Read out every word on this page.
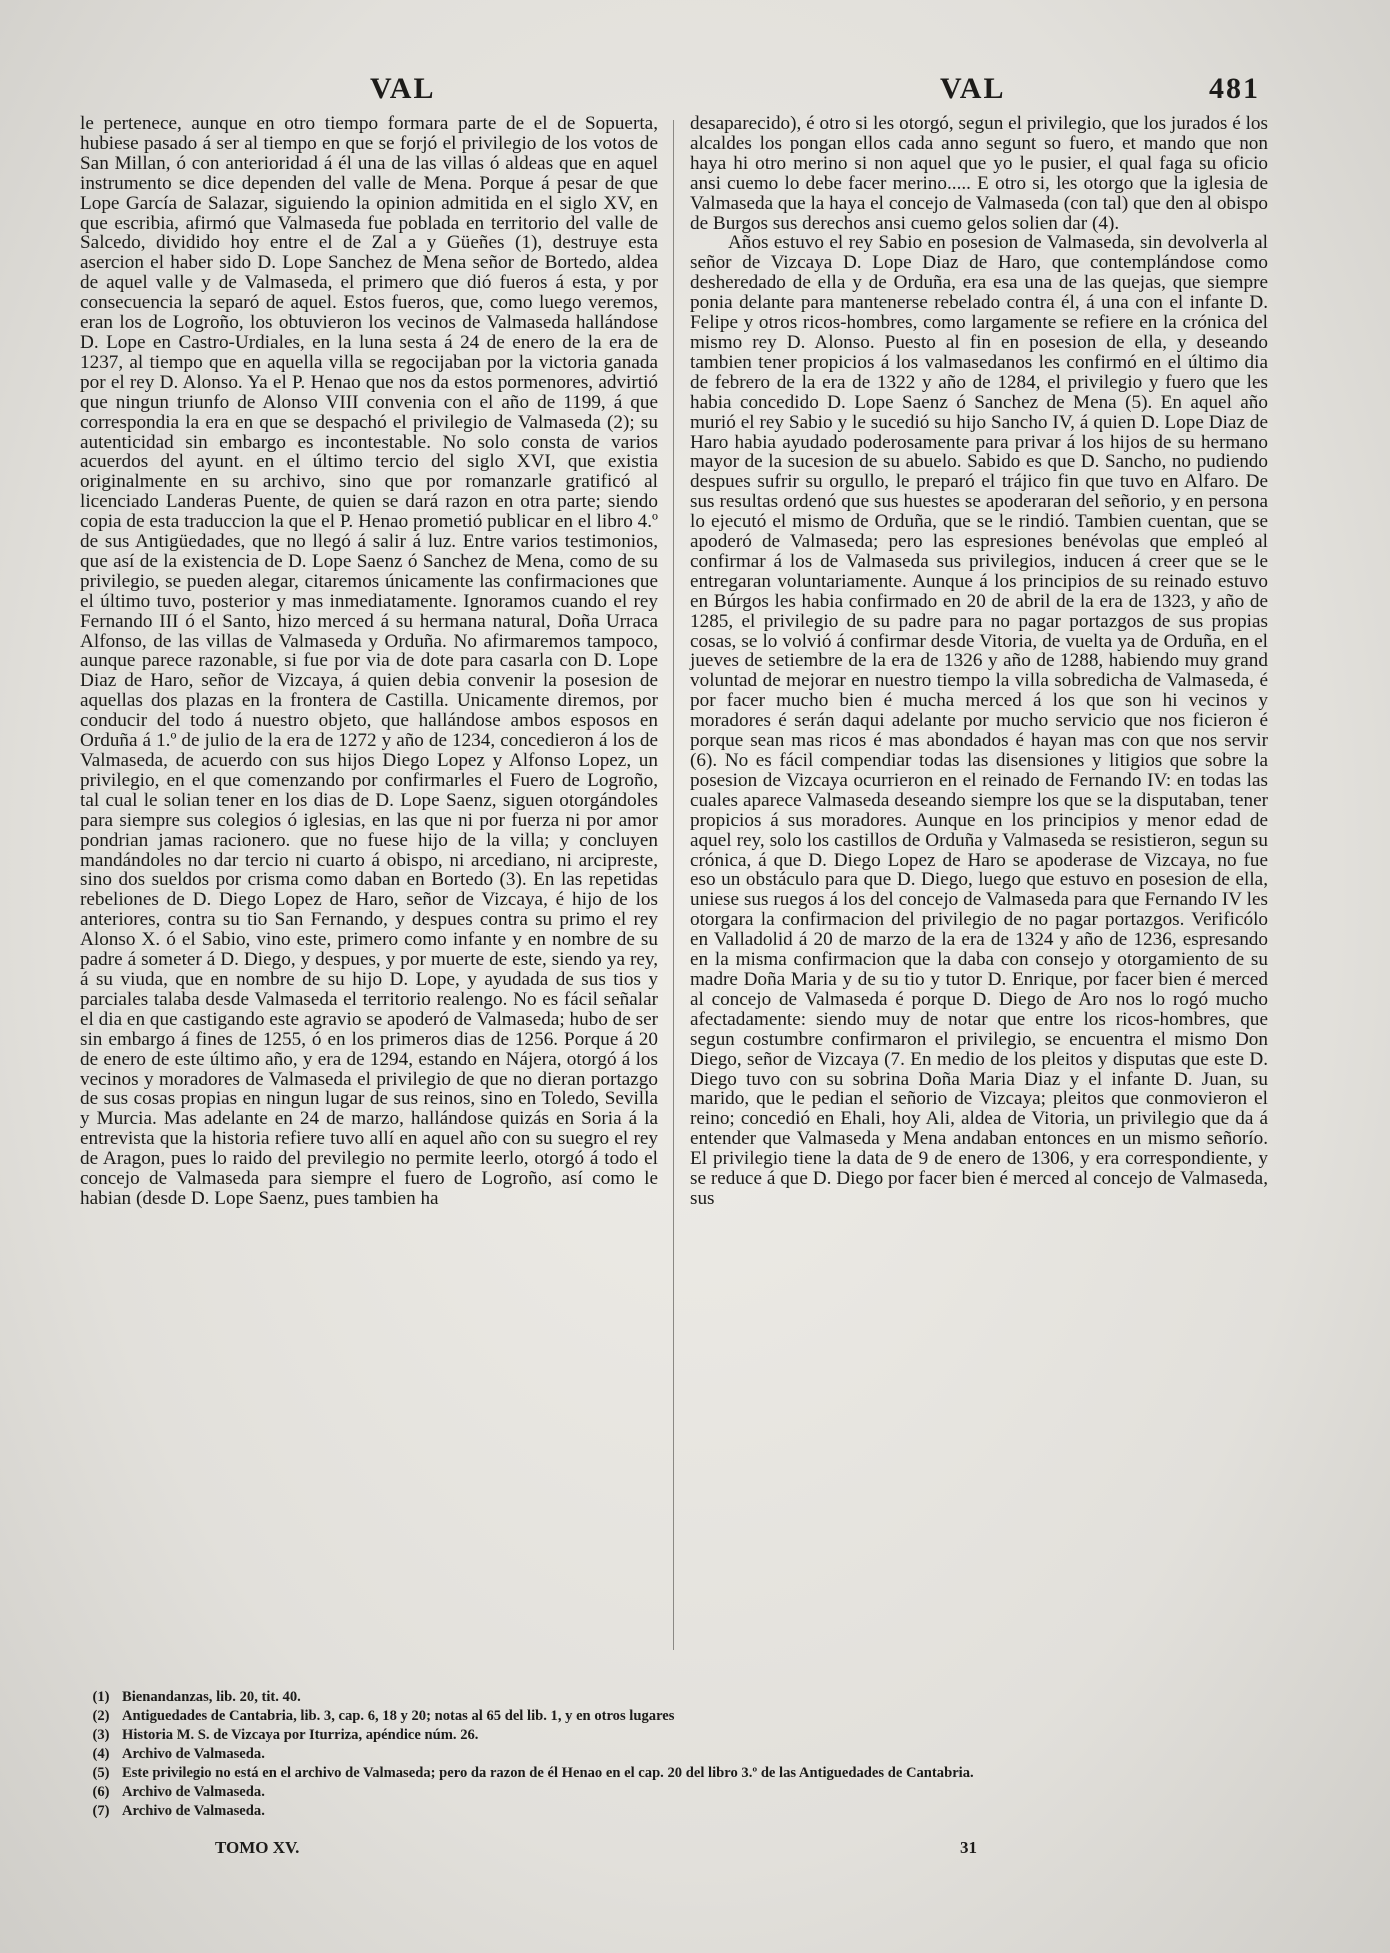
VAL	VAL	481

le pertenece, aunque en otro tiempo formara parte de el de Sopuerta, hubiese pasado á ser al tiempo en que se forjó el privilegio de los votos de San Millan, ó con anterioridad á él una de las villas ó aldeas que en aquel instrumento se dice dependen del valle de Mena. Porque á pesar de que Lope García de Salazar, siguiendo la opinion admitida en el siglo XV, en que escribia, afirmó que Valmaseda fue poblada en territorio del valle de Salcedo, dividido hoy entre el de Zal a y Güeñes (1), destruye esta asercion el haber sido D. Lope Sanchez de Mena señor de Bortedo, aldea de aquel valle y de Valmaseda, el primero que dió fueros á esta, y por consecuencia la separó de aquel. Estos fueros, que, como luego veremos, eran los de Logroño, los obtuvieron los vecinos de Valmaseda hallándose D. Lope en Castro-Urdiales, en la luna sesta á 24 de enero de la era de 1237, al tiempo que en aquella villa se regocijaban por la victoria ganada por el rey D. Alonso. Ya el P. Henao que nos da estos pormenores, advirtió que ningun triunfo de Alonso VIII convenia con el año de 1199, á que correspondia la era en que se despachó el privilegio de Valmaseda (2); su autenticidad sin embargo es incontestable. No solo consta de varios acuerdos del ayunt. en el último tercio del siglo XVI, que existia originalmente en su archivo, sino que por romanzarle gratificó al licenciado Landeras Puente, de quien se dará razon en otra parte; siendo copia de esta traduccion la que el P. Henao prometió publicar en el libro 4.º de sus Antigüedades, que no llegó á salir á luz. Entre varios testimonios, que así de la existencia de D. Lope Saenz ó Sanchez de Mena, como de su privilegio, se pueden alegar, citaremos únicamente las confirmaciones que el último tuvo, posterior y mas inmediatamente. Ignoramos cuando el rey Fernando III ó el Santo, hizo merced á su hermana natural, Doña Urraca Alfonso, de las villas de Valmaseda y Orduña. No afirmaremos tampoco, aunque parece razonable, si fue por via de dote para casarla con D. Lope Diaz de Haro, señor de Vizcaya, á quien debia convenir la posesion de aquellas dos plazas en la frontera de Castilla. Unicamente diremos, por conducir del todo á nuestro objeto, que hallándose ambos esposos en Orduña á 1.º de julio de la era de 1272 y año de 1234, concedieron á los de Valmaseda, de acuerdo con sus hijos Diego Lopez y Alfonso Lopez, un privilegio, en el que comenzando por confirmarles el Fuero de Logroño, tal cual le solian tener en los dias de D. Lope Saenz, siguen otorgándoles para siempre sus colegios ó iglesias, en las que ni por fuerza ni por amor pondrian jamas racionero. que no fuese hijo de la villa; y concluyen mandándoles no dar tercio ni cuarto á obispo, ni arcediano, ni arcipreste, sino dos sueldos por crisma como daban en Bortedo (3). En las repetidas rebeliones de D. Diego Lopez de Haro, señor de Vizcaya, é hijo de los anteriores, contra su tio San Fernando, y despues contra su primo el rey Alonso X. ó el Sabio, vino este, primero como infante y en nombre de su padre á someter á D. Diego, y despues, y por muerte de este, siendo ya rey, á su viuda, que en nombre de su hijo D. Lope, y ayudada de sus tios y parciales talaba desde Valmaseda el territorio realengo. No es fácil señalar el dia en que castigando este agravio se apoderó de Valmaseda; hubo de ser sin embargo á fines de 1255, ó en los primeros dias de 1256. Porque á 20 de enero de este último año, y era de 1294, estando en Nájera, otorgó á los vecinos y moradores de Valmaseda el privilegio de que no dieran portazgo de sus cosas propias en ningun lugar de sus reinos, sino en Toledo, Sevilla y Murcia. Mas adelante en 24 de marzo, hallándose quizás en Soria á la entrevista que la historia refiere tuvo allí en aquel año con su suegro el rey de Aragon, pues lo raido del previlegio no permite leerlo, otorgó á todo el concejo de Valmaseda para siempre el fuero de Logroño, así como le habian (desde D. Lope Saenz, pues tambien ha

desaparecido), é otro si les otorgó, segun el privilegio, que los jurados é los alcaldes los pongan ellos cada anno segunt so fuero, et mando que non haya hi otro merino si non aquel que yo le pusier, el qual faga su oficio ansi cuemo lo debe facer merino..... E otro si, les otorgo que la iglesia de Valmaseda que la haya el concejo de Valmaseda (con tal) que den al obispo de Burgos sus derechos ansi cuemo gelos solien dar (4).

Años estuvo el rey Sabio en posesion de Valmaseda, sin devolverla al señor de Vizcaya D. Lope Diaz de Haro, que contemplándose como desheredado de ella y de Orduña, era esa una de las quejas, que siempre ponia delante para mantenerse rebelado contra él, á una con el infante D. Felipe y otros ricos-hombres, como largamente se refiere en la crónica del mismo rey D. Alonso. Puesto al fin en posesion de ella, y deseando tambien tener propicios á los valmasedanos les confirmó en el último dia de febrero de la era de 1322 y año de 1284, el privilegio y fuero que les habia concedido D. Lope Saenz ó Sanchez de Mena (5). En aquel año murió el rey Sabio y le sucedió su hijo Sancho IV, á quien D. Lope Diaz de Haro habia ayudado poderosamente para privar á los hijos de su hermano mayor de la sucesion de su abuelo. Sabido es que D. Sancho, no pudiendo despues sufrir su orgullo, le preparó el trájico fin que tuvo en Alfaro. De sus resultas ordenó que sus huestes se apoderaran del señorio, y en persona lo ejecutó el mismo de Orduña, que se le rindió. Tambien cuentan, que se apoderó de Valmaseda; pero las espresiones benévolas que empleó al confirmar á los de Valmaseda sus privilegios, inducen á creer que se le entregaran voluntariamente. Aunque á los principios de su reinado estuvo en Búrgos les habia confirmado en 20 de abril de la era de 1323, y año de 1285, el privilegio de su padre para no pagar portazgos de sus propias cosas, se lo volvió á confirmar desde Vitoria, de vuelta ya de Orduña, en el jueves de setiembre de la era de 1326 y año de 1288, habiendo muy grand voluntad de mejorar en nuestro tiempo la villa sobredicha de Valmaseda, é por facer mucho bien é mucha merced á los que son hi vecinos y moradores é serán daqui adelante por mucho servicio que nos ficieron é porque sean mas ricos é mas abondados é hayan mas con que nos servir (6). No es fácil compendiar todas las disensiones y litigios que sobre la posesion de Vizcaya ocurrieron en el reinado de Fernando IV: en todas las cuales aparece Valmaseda deseando siempre los que se la disputaban, tener propicios á sus moradores. Aunque en los principios y menor edad de aquel rey, solo los castillos de Orduña y Valmaseda se resistieron, segun su crónica, á que D. Diego Lopez de Haro se apoderase de Vizcaya, no fue eso un obstáculo para que D. Diego, luego que estuvo en posesion de ella, uniese sus ruegos á los del concejo de Valmaseda para que Fernando IV les otorgara la confirmacion del privilegio de no pagar portazgos. Verificólo en Valladolid á 20 de marzo de la era de 1324 y año de 1236, espresando en la misma confirmacion que la daba con consejo y otorgamiento de su madre Doña Maria y de su tio y tutor D. Enrique, por facer bien é merced al concejo de Valmaseda é porque D. Diego de Aro nos lo rogó mucho afectadamente: siendo muy de notar que entre los ricos-hombres, que segun costumbre confirmaron el privilegio, se encuentra el mismo Don Diego, señor de Vizcaya (7. En medio de los pleitos y disputas que este D. Diego tuvo con su sobrina Doña Maria Diaz y el infante D. Juan, su marido, que le pedian el señorio de Vizcaya; pleitos que conmovieron el reino; concedió en Ehali, hoy Ali, aldea de Vitoria, un privilegio que da á entender que Valmaseda y Mena andaban entonces en un mismo señorío. El privilegio tiene la data de 9 de enero de 1306, y era correspondiente, y se reduce á que D. Diego por facer bien é merced al concejo de Valmaseda, sus

(1) Bienandanzas, lib. 20, tit. 40.

(2) Antiguedades de Cantabria, lib. 3, cap. 6, 18 y 20; notas al 65 del lib. 1, y en otros lugares

(3) Historia M. S. de Vizcaya por Iturriza, apéndice núm. 26.

(4) Archivo de Valmaseda.

(5) Este privilegio no está en el archivo de Valmaseda; pero da razon de él Henao en el cap. 20 del libro 3.º de las Antiguedades de Cantabria.

(6) Archivo de Valmaseda.

(7) Archivo de Valmaseda.

TOMO XV.	31
